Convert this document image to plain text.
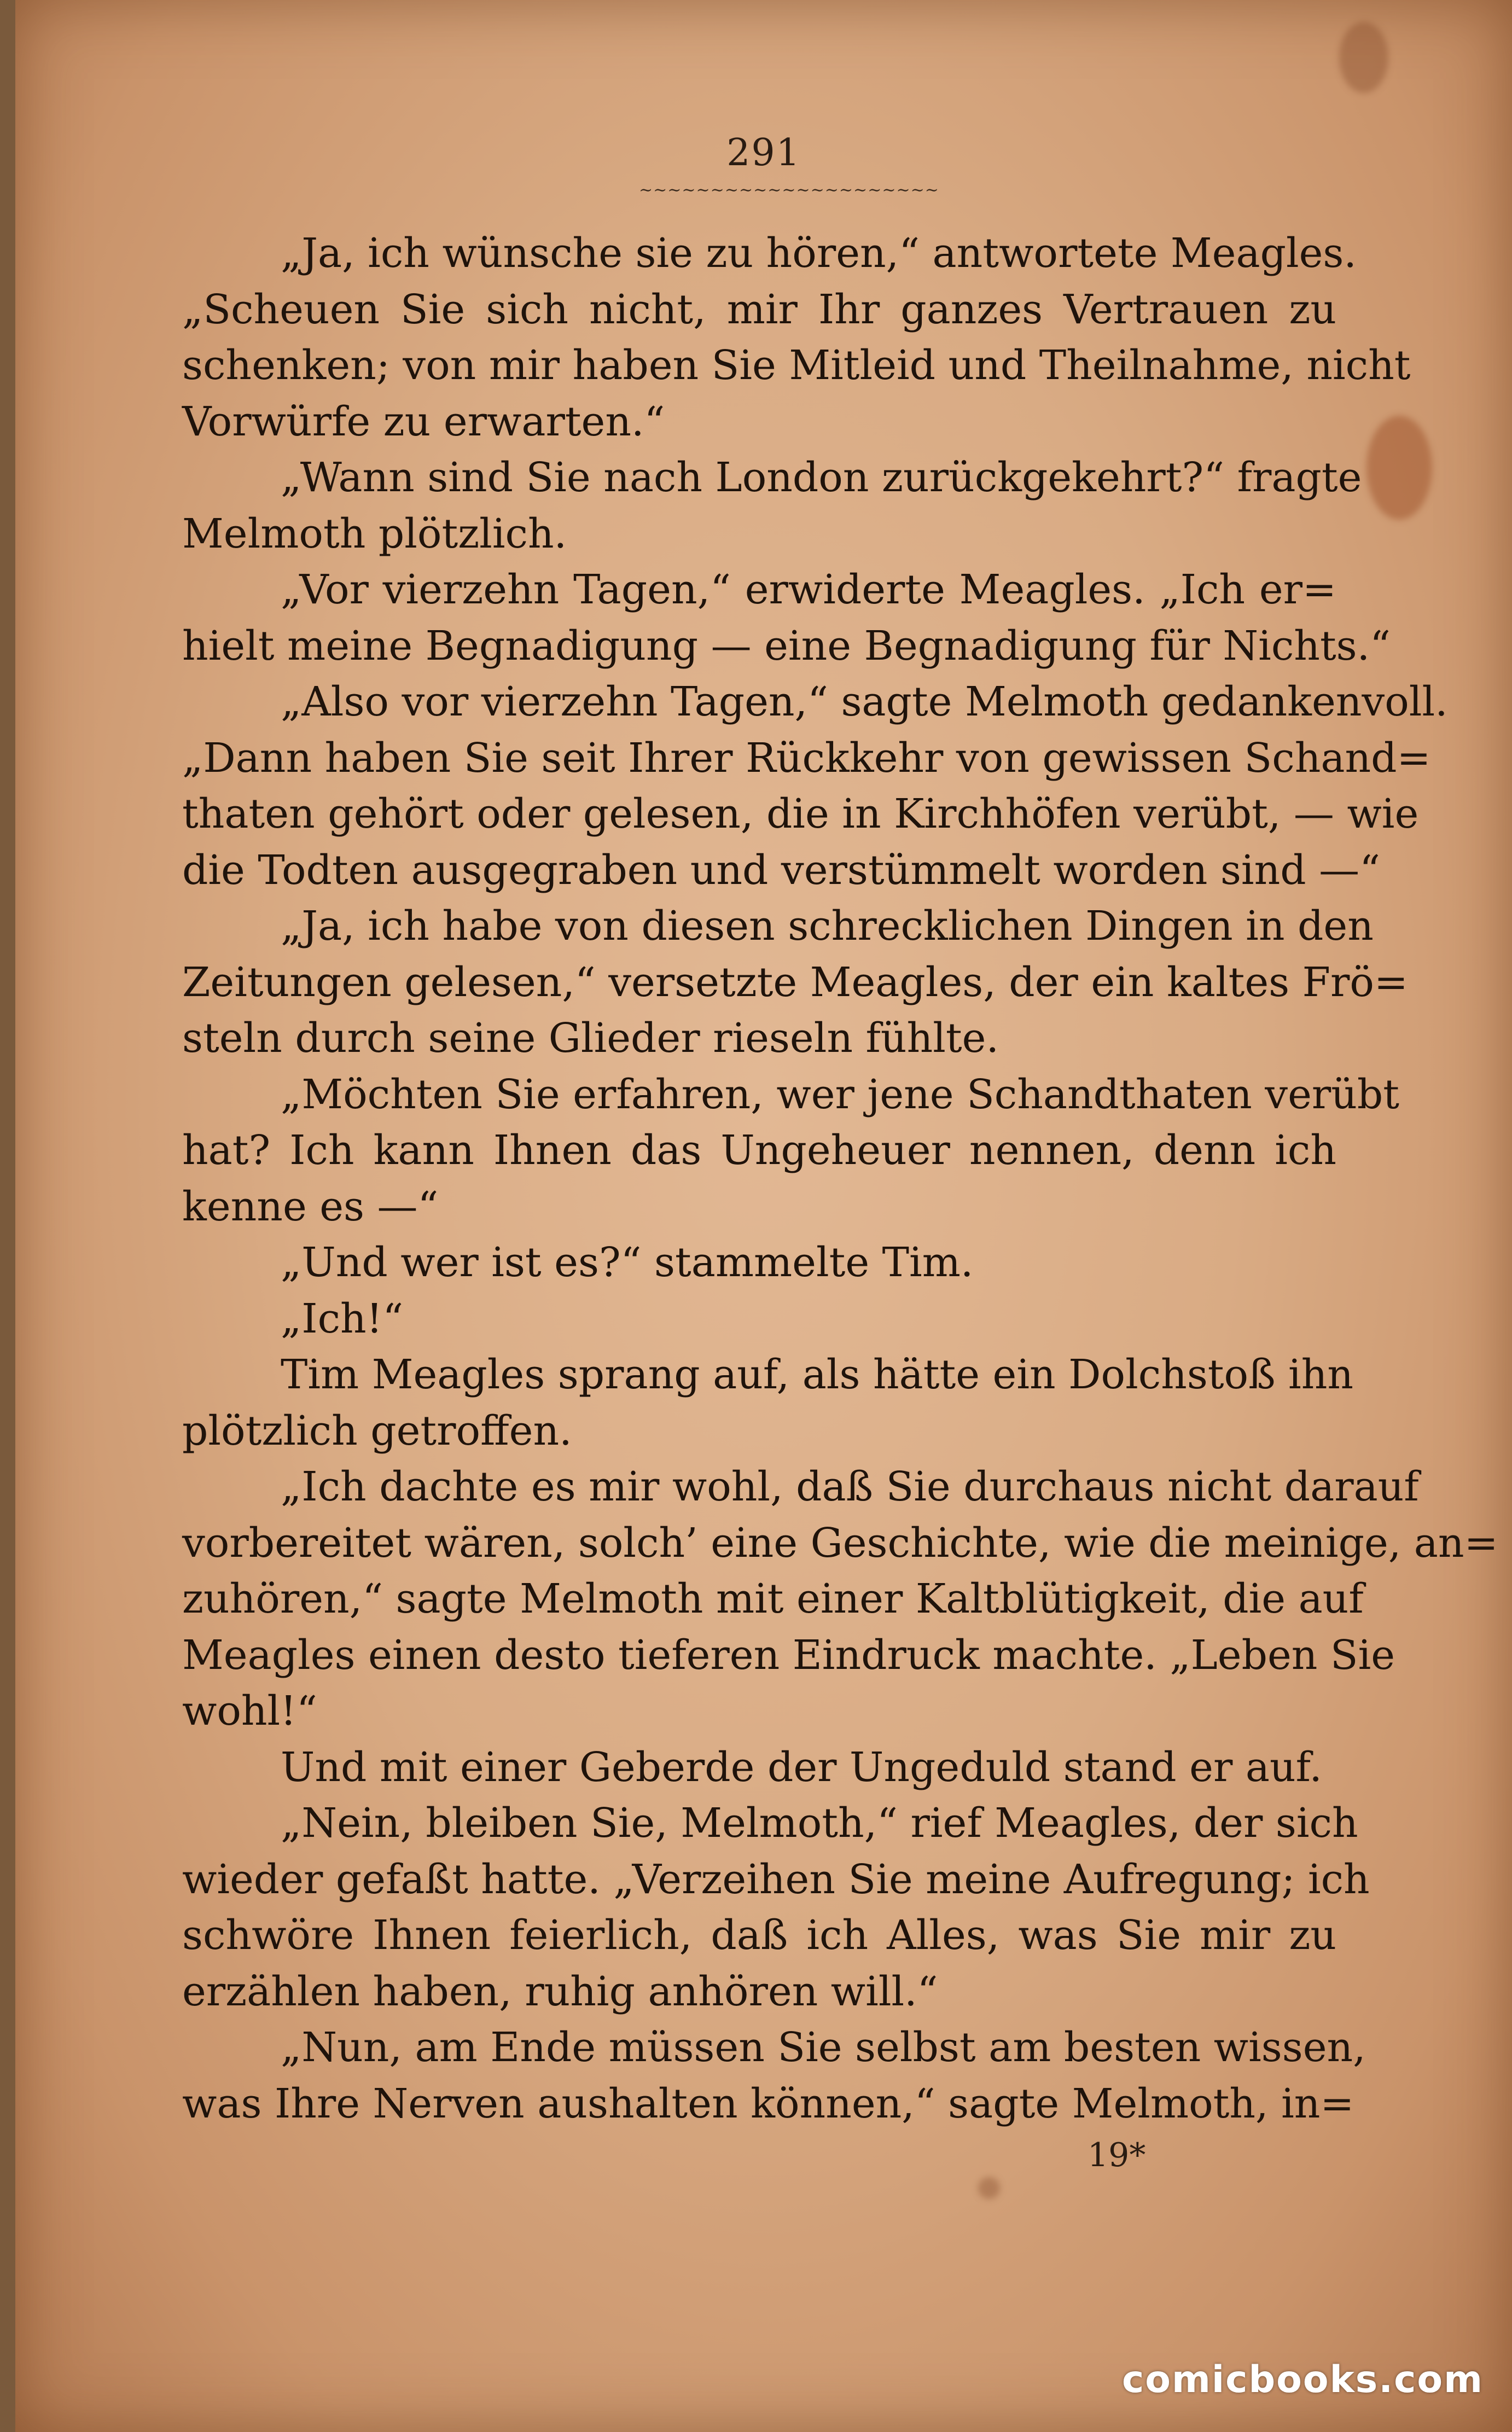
291
~~~~~~~~~~~~~~~~~~~~~
„Ja, ich wünsche sie zu hören,“ antwortete Meagles.
„Scheuen Sie sich nicht, mir Ihr ganzes Vertrauen zu
schenken; von mir haben Sie Mitleid und Theilnahme, nicht
Vorwürfe zu erwarten.“
„Wann sind Sie nach London zurückgekehrt?“ fragte
Melmoth plötzlich.
„Vor vierzehn Tagen,“ erwiderte Meagles. „Ich er=
hielt meine Begnadigung — eine Begnadigung für Nichts.“
„Also vor vierzehn Tagen,“ sagte Melmoth gedankenvoll.
„Dann haben Sie seit Ihrer Rückkehr von gewissen Schand=
thaten gehört oder gelesen, die in Kirchhöfen verübt, — wie
die Todten ausgegraben und verstümmelt worden sind —“
„Ja, ich habe von diesen schrecklichen Dingen in den
Zeitungen gelesen,“ versetzte Meagles, der ein kaltes Frö=
steln durch seine Glieder rieseln fühlte.
„Möchten Sie erfahren, wer jene Schandthaten verübt
hat? Ich kann Ihnen das Ungeheuer nennen, denn ich
kenne es —“
„Und wer ist es?“ stammelte Tim.
„Ich!“
Tim Meagles sprang auf, als hätte ein Dolchstoß ihn
plötzlich getroffen.
„Ich dachte es mir wohl, daß Sie durchaus nicht darauf
vorbereitet wären, solch’ eine Geschichte, wie die meinige, an=
zuhören,“ sagte Melmoth mit einer Kaltblütigkeit, die auf
Meagles einen desto tieferen Eindruck machte. „Leben Sie
wohl!“
Und mit einer Geberde der Ungeduld stand er auf.
„Nein, bleiben Sie, Melmoth,“ rief Meagles, der sich
wieder gefaßt hatte. „Verzeihen Sie meine Aufregung; ich
schwöre Ihnen feierlich, daß ich Alles, was Sie mir zu
erzählen haben, ruhig anhören will.“
„Nun, am Ende müssen Sie selbst am besten wissen,
was Ihre Nerven aushalten können,“ sagte Melmoth, in=
19*
comicbooks.com
